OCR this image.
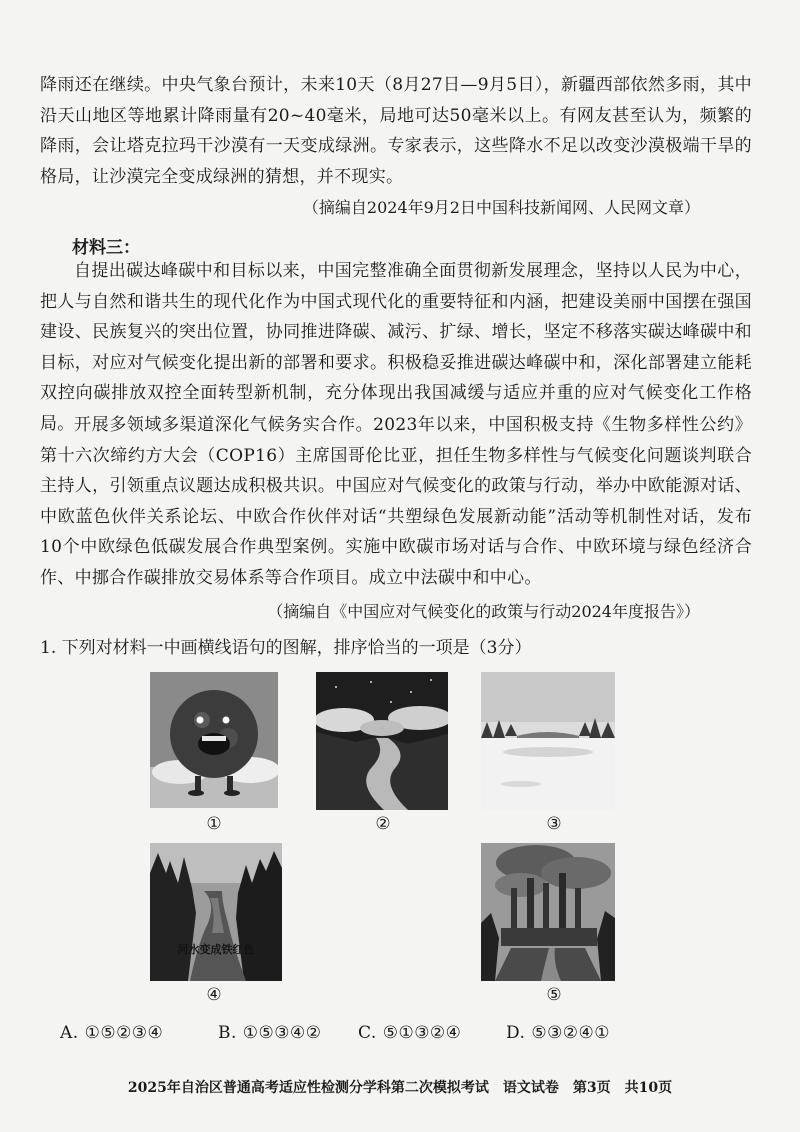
降雨还在继续。中央气象台预计，未来10天（8月27日—9月5日），新疆西部依然多雨，其中沿天山地区等地累计降雨量有20~40毫米，局地可达50毫米以上。有网友甚至认为，频繁的降雨，会让塔克拉玛干沙漠有一天变成绿洲。专家表示，这些降水不足以改变沙漠极端干旱的格局，让沙漠完全变成绿洲的猜想，并不现实。
（摘编自2024年9月2日中国科技新闻网、人民网文章）
材料三：
自提出碳达峰碳中和目标以来，中国完整准确全面贯彻新发展理念，坚持以人民为中心，把人与自然和谐共生的现代化作为中国式现代化的重要特征和内涵，把建设美丽中国摆在强国建设、民族复兴的突出位置，协同推进降碳、减污、扩绿、增长，坚定不移落实碳达峰碳中和目标，对应对气候变化提出新的部署和要求。积极稳妥推进碳达峰碳中和，深化部署建立能耗双控向碳排放双控全面转型新机制，充分体现出我国减缓与适应并重的应对气候变化工作格局。 开展多领域多渠道深化气候务实合作。2023年以来，中国积极支持《生物多样性公约》第十六次缔约方大会（COP16）主席国哥伦比亚，担任生物多样性与气候变化问题谈判联合主持人，引领重点议题达成积极共识。中国应对气候变化的政策与行动，举办中欧能源对话、中欧蓝色伙伴关系论坛、中欧合作伙伴对话“共塑绿色发展新动能”活动等机制性对话，发布10个中欧绿色低碳发展合作典型案例。实施中欧碳市场对话与合作、中欧环境与绿色经济合作、中挪合作碳排放交易体系等合作项目。成立中法碳中和中心。
（摘编自《中国应对气候变化的政策与行动2024年度报告》）
1. 下列对材料一中画横线语句的图解，排序恰当的一项是（3分）
①	②	③
河水变成铁红色
④	⑤
A. ①⑤②③④	B. ①⑤③④② C. ⑤①③②④	D. ⑤③②④①
2025年自治区普通高考适应性检测分学科第二次模拟考试　语文试卷　第3页　共10页
